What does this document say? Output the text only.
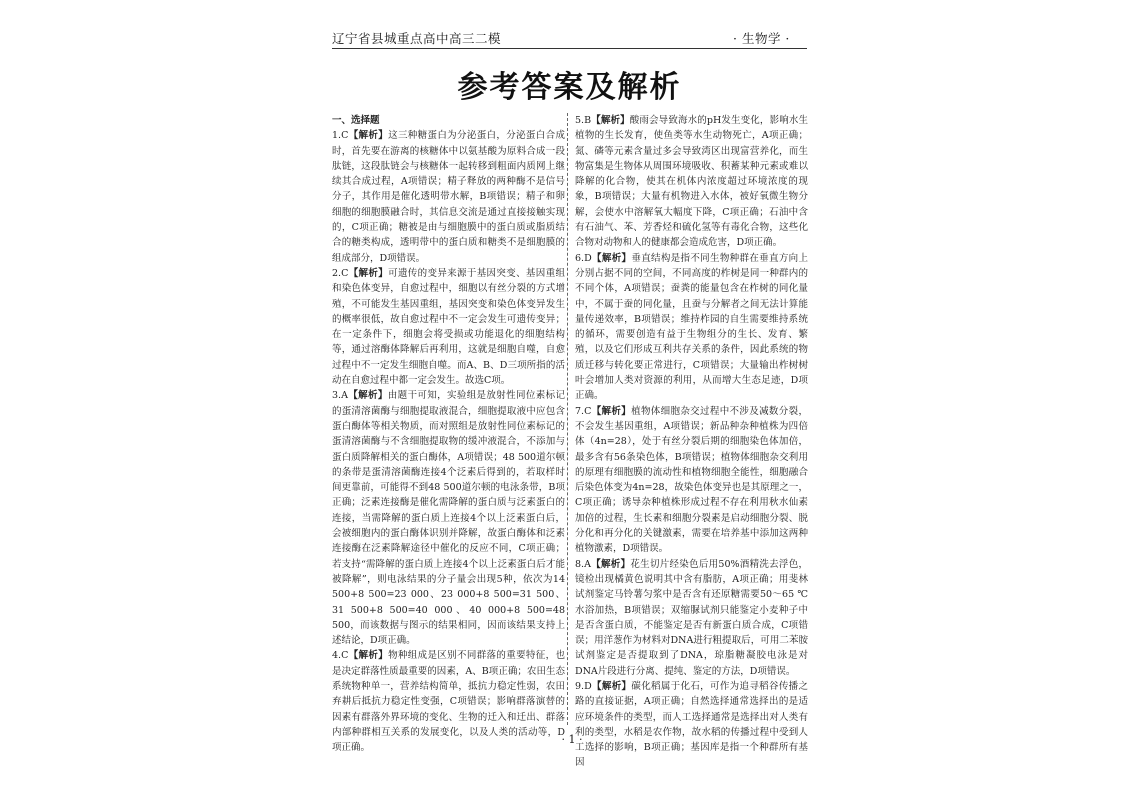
辽宁省县城重点高中高三二模	· 生物学 ·
参考答案及解析
一、选择题

1.C【解析】这三种糖蛋白为分泌蛋白，分泌蛋白合成时，首先要在游离的核糖体中以氨基酸为原料合成一段肽链，这段肽链会与核糖体一起转移到粗面内质网上继续其合成过程，A项错误；精子释放的两种酶不是信号分子，其作用是催化透明带水解，B项错误；精子和卵细胞的细胞膜融合时，其信息交流是通过直接接触实现的，C项正确；糖被是由与细胞膜中的蛋白质或脂质结合的糖类构成，透明带中的蛋白质和糖类不是细胞膜的组成部分，D项错误。

2.C【解析】可遗传的变异来源于基因突变、基因重组和染色体变异，自愈过程中，细胞以有丝分裂的方式增殖，不可能发生基因重组，基因突变和染色体变异发生的概率很低，故自愈过程中不一定会发生可遗传变异；在一定条件下，细胞会将受损或功能退化的细胞结构等，通过溶酶体降解后再利用，这就是细胞自噬，自愈过程中不一定发生细胞自噬。而A、B、D三项所指的活动在自愈过程中都一定会发生。故选C项。

3.A【解析】由题干可知，实验组是放射性同位素标记的蛋清溶菌酶与细胞提取液混合，细胞提取液中应包含蛋白酶体等相关物质，而对照组是放射性同位素标记的蛋清溶菌酶与不含细胞提取物的缓冲液混合，不添加与蛋白质降解相关的蛋白酶体，A项错误；48 500道尔顿的条带是蛋清溶菌酶连接4个泛素后得到的，若取样时间更靠前，可能得不到48 500道尔顿的电泳条带，B项正确；泛素连接酶是催化需降解的蛋白质与泛素蛋白的连接，当需降解的蛋白质上连接4个以上泛素蛋白后，会被细胞内的蛋白酶体识别并降解，故蛋白酶体和泛素连接酶在泛素降解途径中催化的反应不同，C项正确；若支持“需降解的蛋白质上连接4个以上泛素蛋白后才能被降解”，则电泳结果的分子量会出现5种，依次为14 500+8 500=23 000、23 000+8 500=31 500、31 500+8 500=40 000、40 000+8 500=48 500，而该数据与图示的结果相同，因而该结果支持上述结论，D项正确。

4.C【解析】物种组成是区别不同群落的重要特征，也是决定群落性质最重要的因素，A、B项正确；农田生态系统物种单一，营养结构简单，抵抗力稳定性弱，农田弃耕后抵抗力稳定性变强，C项错误；影响群落演替的因素有群落外界环境的变化、生物的迁入和迁出、群落内部种群相互关系的发展变化，以及人类的活动等，D项正确。

5.B【解析】酸雨会导致海水的pH发生变化，影响水生植物的生长发育，使鱼类等水生动物死亡，A项正确；氮、磷等元素含量过多会导致湾区出现富营养化，而生物富集是生物体从周围环境吸收、积蓄某种元素或难以降解的化合物，使其在机体内浓度超过环境浓度的现象，B项错误；大量有机物进入水体，被好氧微生物分解，会使水中溶解氧大幅度下降，C项正确；石油中含有石油气、苯、芳香烃和硫化氢等有毒化合物，这些化合物对动物和人的健康都会造成危害，D项正确。

6.D【解析】垂直结构是指不同生物种群在垂直方向上分别占据不同的空间，不同高度的柞树是同一种群内的不同个体，A项错误；蚕粪的能量包含在柞树的同化量中，不属于蚕的同化量，且蚕与分解者之间无法计算能量传递效率，B项错误；维持柞园的自生需要维持系统的循环，需要创造有益于生物组分的生长、发育、繁殖，以及它们形成互利共存关系的条件，因此系统的物质迁移与转化要正常进行，C项错误；大量输出柞树树叶会增加人类对资源的利用，从而增大生态足迹，D项正确。

7.C【解析】植物体细胞杂交过程中不涉及减数分裂，不会发生基因重组，A项错误；新品种杂种植株为四倍体（4n=28），处于有丝分裂后期的细胞染色体加倍，最多含有56条染色体，B项错误；植物体细胞杂交利用的原理有细胞膜的流动性和植物细胞全能性，细胞融合后染色体变为4n=28，故染色体变异也是其原理之一，C项正确；诱导杂种植株形成过程不存在利用秋水仙素加倍的过程，生长素和细胞分裂素是启动细胞分裂、脱分化和再分化的关键激素，需要在培养基中添加这两种植物激素，D项错误。

8.A【解析】花生切片经染色后用50%酒精洗去浮色，镜检出现橘黄色说明其中含有脂肪，A项正确；用斐林试剂鉴定马铃薯匀浆中是否含有还原糖需要50～65 ℃水浴加热，B项错误；双缩脲试剂只能鉴定小麦种子中是否含蛋白质，不能鉴定是否有新蛋白质合成，C项错误；用洋葱作为材料对DNA进行粗提取后，可用二苯胺试剂鉴定是否提取到了DNA，琼脂糖凝胶电泳是对DNA片段进行分离、提纯、鉴定的方法，D项错误。

9.D【解析】碳化稻属于化石，可作为追寻稻谷传播之路的直接证据，A项正确；自然选择通常选择出的是适应环境条件的类型，而人工选择通常是选择出对人类有利的类型，水稻是农作物，故水稻的传播过程中受到人工选择的影响，B项正确；基因库是指一个种群所有基因

· 1 ·
